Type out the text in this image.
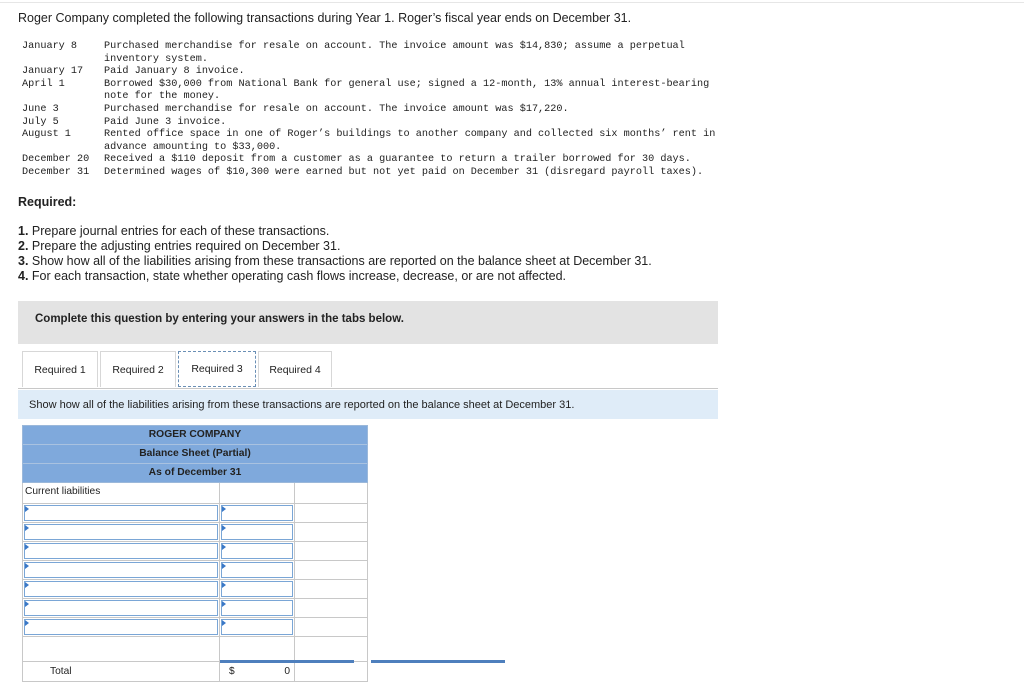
Roger Company completed the following transactions during Year 1. Roger’s fiscal year ends on December 31.
January 8	Purchased merchandise for resale on account. The invoice amount was $14,830; assume a perpetual
inventory system.
January 17	Paid January 8 invoice.
April 1	Borrowed $30,000 from National Bank for general use; signed a 12-month, 13% annual interest-bearing
note for the money.
June 3	Purchased merchandise for resale on account. The invoice amount was $17,220.
July 5	Paid June 3 invoice.
August 1	Rented office space in one of Roger’s buildings to another company and collected six months’ rent in
advance amounting to $33,000.
December 20	Received a $110 deposit from a customer as a guarantee to return a trailer borrowed for 30 days.
December 31	Determined wages of $10,300 were earned but not yet paid on December 31 (disregard payroll taxes).
Required:
1. Prepare journal entries for each of these transactions.
2. Prepare the adjusting entries required on December 31.
3. Show how all of the liabilities arising from these transactions are reported on the balance sheet at December 31.
4. For each transaction, state whether operating cash flows increase, decrease, or are not affected.
Complete this question by entering your answers in the tabs below.
Required 1	Required 2	Required 3	Required 4
Show how all of the liabilities arising from these transactions are reported on the balance sheet at December 31.
ROGER COMPANY
Balance Sheet (Partial)
As of December 31
Current liabilities
Total	$	0
